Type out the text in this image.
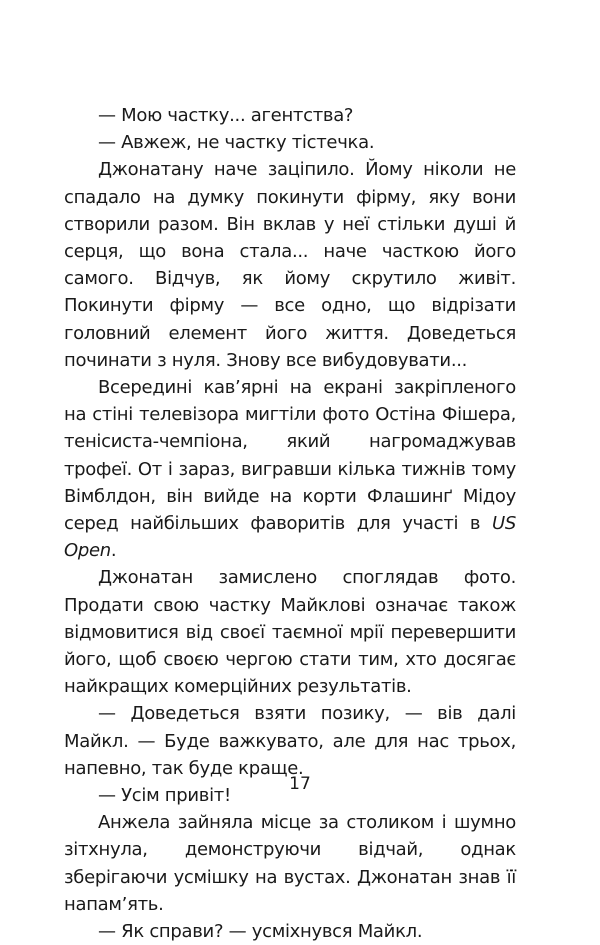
— Мою частку... агентства?

— Авжеж, не частку тістечка.

Джонатану наче заціпило. Йому ніколи не спадало на думку покинути фірму, яку вони створили разом. Він вклав у неї стільки душі й серця, що вона стала... наче часткою його самого. Відчув, як йому скрутило живіт. Покинути фірму — все одно, що відрізати головний елемент його життя. Доведеться починати з нуля. Знову все вибудовувати...

Всередині кав’ярні на екрані закріпленого на стіні телевізора мигтіли фото Остіна Фішера, тенісиста-чемпіона, який нагромаджував трофеї. От і зараз, вигравши кілька тижнів тому Вімблдон, він вийде на корти Флашинґ Мідоу серед найбільших фаворитів для участі в US Open.

Джонатан замислено споглядав фото. Продати свою частку Майклові означає також відмовитися від своєї таємної мрії перевершити його, щоб своєю чергою стати тим, хто досягає найкращих комерційних результатів.

— Доведеться взяти позику, — вів далі Майкл. — Буде важкувато, але для нас трьох, напевно, так буде краще.

— Усім привіт!

Анжела зайняла місце за столиком і шумно зітхнула, демонструючи відчай, однак зберігаючи усмішку на вустах. Джонатан знав її напам’ять.

— Як справи? — усміхнувся Майкл.

17
